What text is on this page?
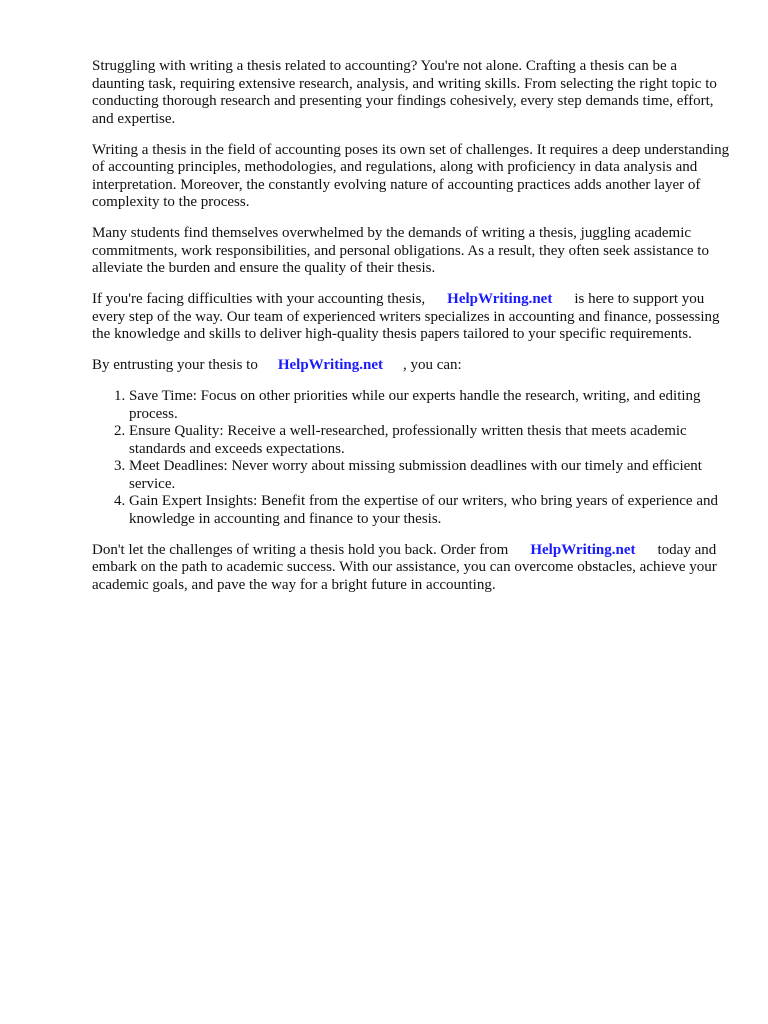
Struggling with writing a thesis related to accounting? You're not alone. Crafting a thesis can be a daunting task, requiring extensive research, analysis, and writing skills. From selecting the right topic to conducting thorough research and presenting your findings cohesively, every step demands time, effort, and expertise.

Writing a thesis in the field of accounting poses its own set of challenges. It requires a deep understanding of accounting principles, methodologies, and regulations, along with proficiency in data analysis and interpretation. Moreover, the constantly evolving nature of accounting practices adds another layer of complexity to the process.

Many students find themselves overwhelmed by the demands of writing a thesis, juggling academic commitments, work responsibilities, and personal obligations. As a result, they often seek assistance to alleviate the burden and ensure the quality of their thesis.

If you're facing difficulties with your accounting thesis, HelpWriting.net is here to support you every step of the way. Our team of experienced writers specializes in accounting and finance, possessing the knowledge and skills to deliver high-quality thesis papers tailored to your specific requirements.

By entrusting your thesis to HelpWriting.net , you can:

1. Save Time: Focus on other priorities while our experts handle the research, writing, and editing process.
2. Ensure Quality: Receive a well-researched, professionally written thesis that meets academic standards and exceeds expectations.
3. Meet Deadlines: Never worry about missing submission deadlines with our timely and efficient service.
4. Gain Expert Insights: Benefit from the expertise of our writers, who bring years of experience and knowledge in accounting and finance to your thesis.

Don't let the challenges of writing a thesis hold you back. Order from HelpWriting.net today and embark on the path to academic success. With our assistance, you can overcome obstacles, achieve your academic goals, and pave the way for a bright future in accounting.
